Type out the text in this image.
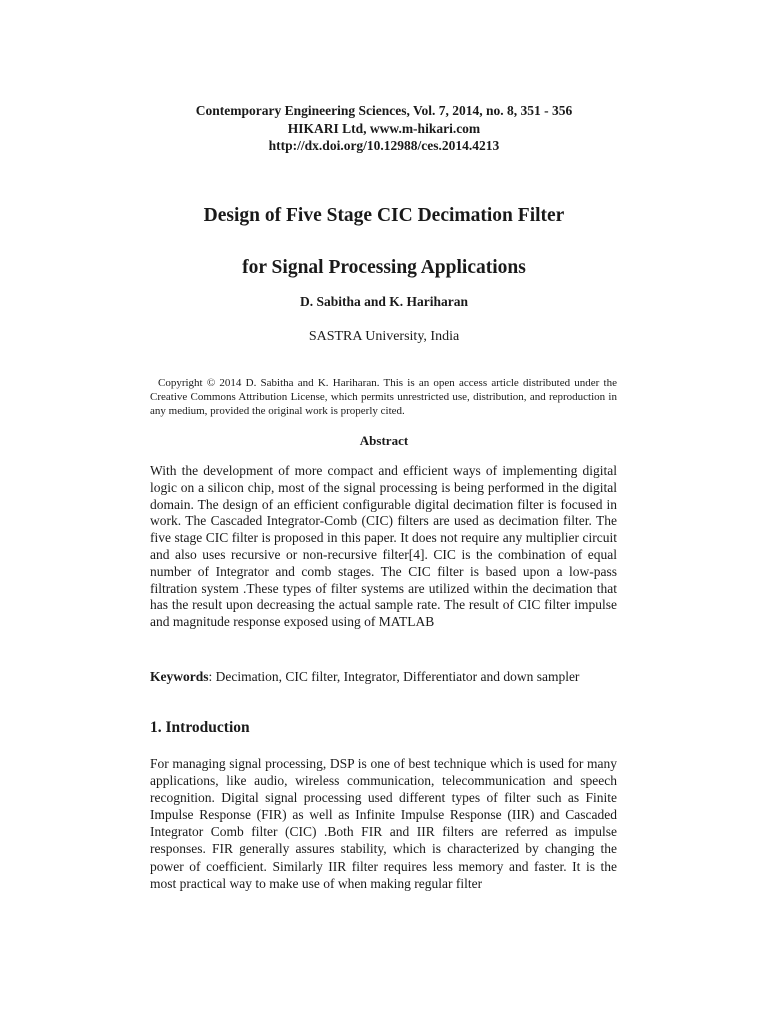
Contemporary Engineering Sciences, Vol. 7, 2014, no. 8, 351 - 356
HIKARI Ltd, www.m-hikari.com
http://dx.doi.org/10.12988/ces.2014.4213
Design of Five Stage CIC Decimation Filter
for Signal Processing Applications
D. Sabitha and K. Hariharan
SASTRA University, India
Copyright © 2014 D. Sabitha and K. Hariharan. This is an open access article distributed under the Creative Commons Attribution License, which permits unrestricted use, distribution, and reproduction in any medium, provided the original work is properly cited.
Abstract
With the development of more compact and efficient ways of implementing digital logic on a silicon chip, most of the signal processing is being performed in the digital domain. The design of an efficient configurable digital decimation filter is focused in work. The Cascaded Integrator-Comb (CIC) filters are used as decimation filter. The five stage CIC filter is proposed in this paper. It does not require any multiplier circuit and also uses recursive or non-recursive filter[4]. CIC is the combination of equal number of Integrator and comb stages. The CIC filter is based upon a low-pass filtration system .These types of filter systems are utilized within the decimation that has the result upon decreasing the actual sample rate. The result of CIC filter impulse and magnitude response exposed using of MATLAB
Keywords: Decimation, CIC filter, Integrator, Differentiator and down sampler
1. Introduction
For managing signal processing, DSP is one of best technique which is used for many applications, like audio, wireless communication, telecommunication and speech recognition. Digital signal processing used different types of filter such as Finite Impulse Response (FIR) as well as Infinite Impulse Response (IIR) and Cascaded Integrator Comb filter (CIC) .Both FIR and IIR filters are referred as impulse responses. FIR generally assures stability, which is characterized by changing the power of coefficient. Similarly IIR filter requires less memory and faster. It is the most practical way to make use of when making regular filter
